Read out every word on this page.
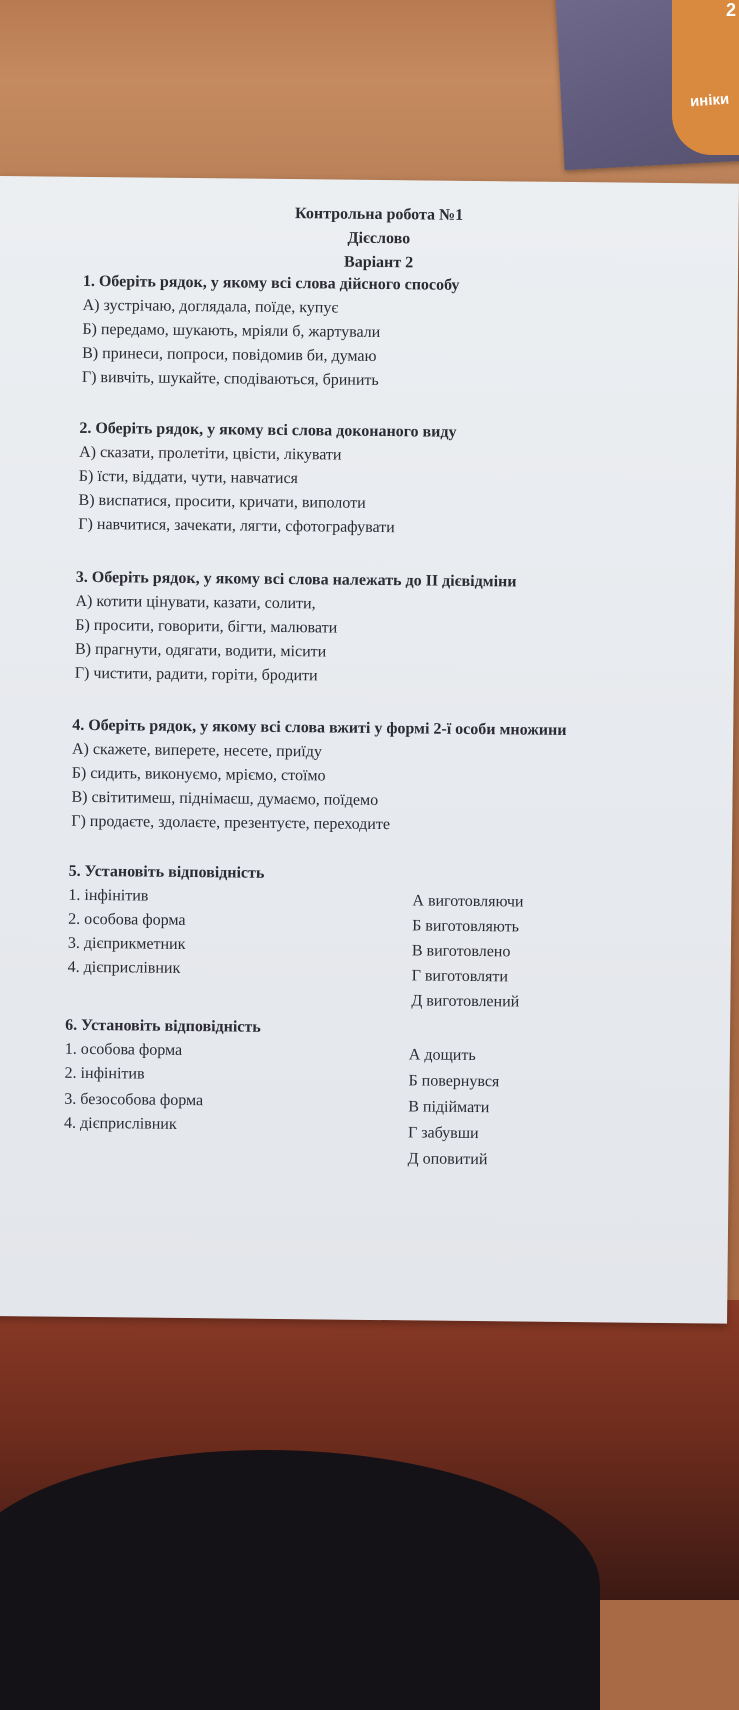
иніки
2
Контрольна робота №1
Дієслово
Варіант 2
1. Оберіть рядок, у якому всі слова дійсного способу
А) зустрічаю, доглядала, поїде, купує
Б) передамо, шукають, мріяли б, жартували
В) принеси, попроси, повідомив би, думаю
Г) вивчіть, шукайте, сподіваються, бринить
2. Оберіть рядок, у якому всі слова доконаного виду
А) сказати, пролетіти, цвісти, лікувати
Б) їсти, віддати, чути, навчатися
В) виспатися, просити, кричати, виполоти
Г) навчитися, зачекати, лягти, сфотографувати
3. Оберіть рядок, у якому всі слова належать до ІІ дієвідміни
А) котити цінувати, казати, солити,
Б) просити, говорити, бігти, малювати
В) прагнути, одягати, водити, місити
Г) чистити, радити, горіти, бродити
4. Оберіть рядок, у якому всі слова вжиті у формі 2-ї особи множини
А) скажете, виперете, несете, приїду
Б) сидить, виконуємо, мріємо, стоїмо
В) світитимеш, піднімаєш, думаємо, поїдемо
Г) продаєте, здолаєте, презентуєте, переходите
5. Установіть відповідність
1. інфінітив
2. особова форма
3. дієприкметник
4. дієприслівник
А виготовляючи
Б виготовляють
В виготовлено
Г виготовляти
Д виготовлений
6. Установіть відповідність
1. особова форма
2. інфінітив
3. безособова форма
4. дієприслівник
А дощить
Б повернувся
В підіймати
Г забувши
Д оповитий
